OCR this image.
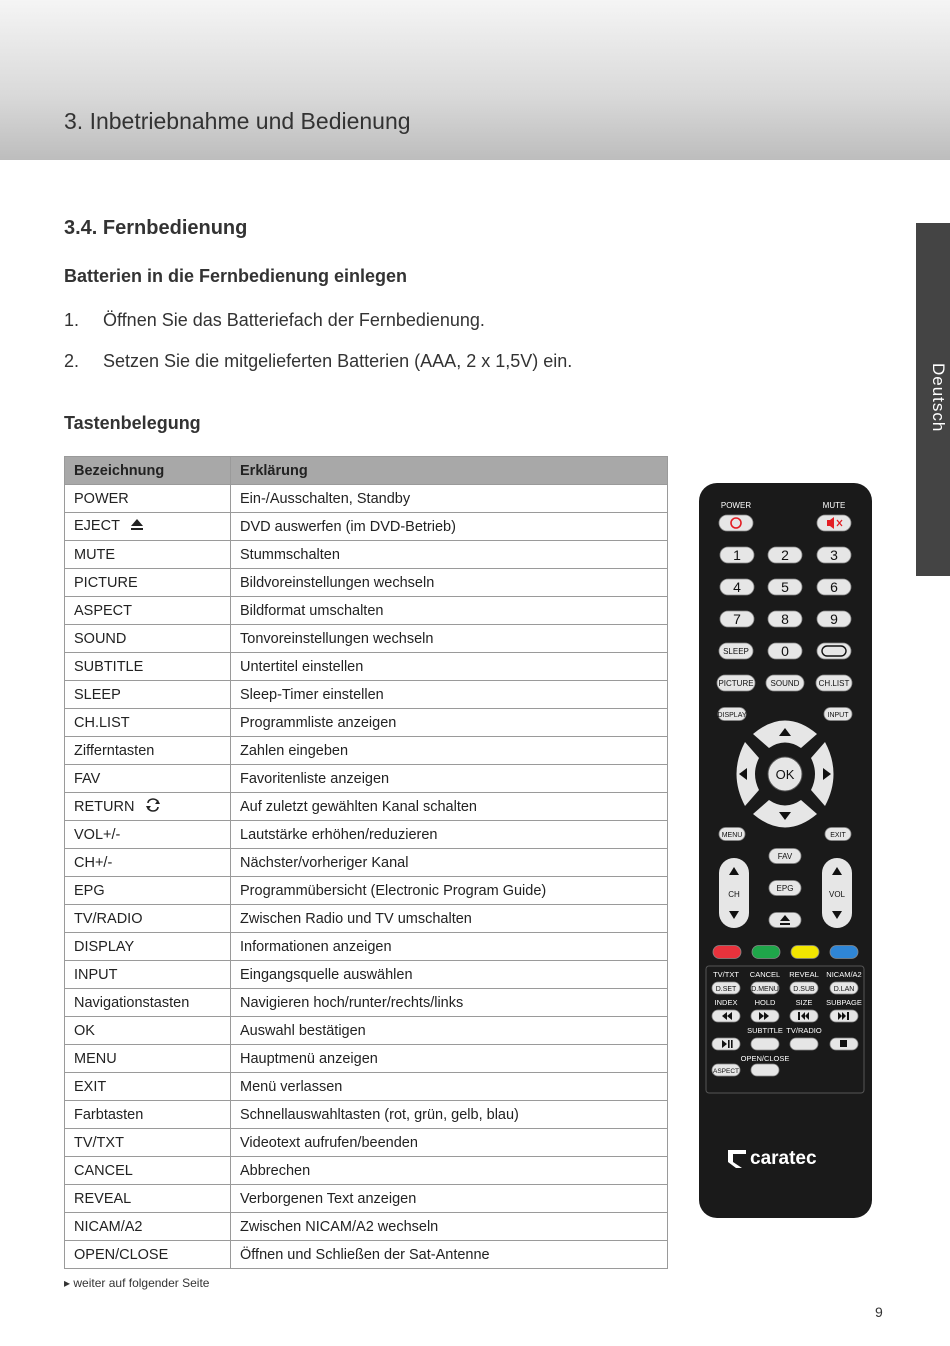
3. Inbetriebnahme und Bedienung
Deutsch
3.4. Fernbedienung
Batterien in die Fernbedienung einlegen
1. Öffnen Sie das Batteriefach der Fernbedienung.
2. Setzen Sie die mitgelieferten Batterien (AAA, 2 x 1,5V) ein.
Tastenbelegung
Bezeichnung	Erklärung
POWER	Ein-/Ausschalten, Standby
EJECT	DVD auswerfen (im DVD-Betrieb)
MUTE	Stummschalten
PICTURE	Bildvoreinstellungen wechseln
ASPECT	Bildformat umschalten
SOUND	Tonvoreinstellungen wechseln
SUBTITLE	Untertitel einstellen
SLEEP	Sleep-Timer einstellen
CH.LIST	Programmliste anzeigen
Zifferntasten	Zahlen eingeben
FAV	Favoritenliste anzeigen
RETURN	Auf zuletzt gewählten Kanal schalten
VOL+/-	Lautstärke erhöhen/reduzieren
CH+/-	Nächster/vorheriger Kanal
EPG	Programmübersicht (Electronic Program Guide)
TV/RADIO	Zwischen Radio und TV umschalten
DISPLAY	Informationen anzeigen
INPUT	Eingangsquelle auswählen
Navigationstasten	Navigieren hoch/runter/rechts/links
OK	Auswahl bestätigen
MENU	Hauptmenü anzeigen
EXIT	Menü verlassen
Farbtasten	Schnellauswahltasten (rot, grün, gelb, blau)
TV/TXT	Videotext aufrufen/beenden
CANCEL	Abbrechen
REVEAL	Verborgenen Text anzeigen
NICAM/A2	Zwischen NICAM/A2 wechseln
OPEN/CLOSE	Öffnen und Schließen der Sat-Antenne
▸ weiter auf folgender Seite
9
POWER	MUTE
1	2	3
4	5	6
7	8	9
SLEEP 0
PICTURE SOUND CH.LIST
DISPLAY	INPUT
OK
MENU	EXIT
CH	VOL
FAV
EPG
TV/TXT
D.SET
INDEX
CANCEL
D.MENU
HOLD
REVEAL
D.SUB
SIZE
NICAM/A2
D.LAN
SUBPAGE
SUBTITLE TV/RADIO
OPEN/CLOSE
ASPECT
caratec
